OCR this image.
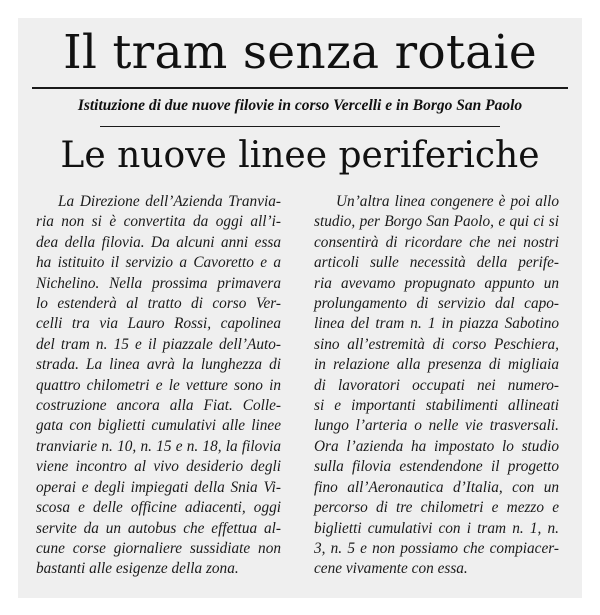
Il tram senza rotaie
Istituzione di due nuove filovie in corso Vercelli e in Borgo San Paolo
Le nuove linee periferiche

La Direzione dell’Azienda Tranvia-
ria non si è convertita da oggi all’i-
dea della filovia. Da alcuni anni essa
ha istituito il servizio a Cavoretto e a
Nichelino. Nella prossima primavera
lo estenderà al tratto di corso Ver-
celli tra via Lauro Rossi, capolinea
del tram n. 15 e il piazzale dell’Auto-
strada. La linea avrà la lunghezza di
quattro chilometri e le vetture sono in
costruzione ancora alla Fiat. Colle-
gata con biglietti cumulativi alle linee
tranviarie n. 10, n. 15 e n. 18, la filovia
viene incontro al vivo desiderio degli
operai e degli impiegati della Snia Vi-
scosa e delle officine adiacenti, oggi
servite da un autobus che effettua al-
cune corse giornaliere sussidiate non
bastanti alle esigenze della zona.

Un’altra linea congenere è poi allo
studio, per Borgo San Paolo, e qui ci si
consentirà di ricordare che nei nostri
articoli sulle necessità della perife-
ria avevamo propugnato appunto un
prolungamento di servizio dal capo-
linea del tram n. 1 in piazza Sabotino
sino all’estremità di corso Peschiera,
in relazione alla presenza di migliaia
di lavoratori occupati nei numero-
si e importanti stabilimenti allineati
lungo l’arteria o nelle vie trasversali.
Ora l’azienda ha impostato lo studio
sulla filovia estendendone il progetto
fino all’Aeronautica d’Italia, con un
percorso di tre chilometri e mezzo e
biglietti cumulativi con i tram n. 1, n.
3, n. 5 e non possiamo che compiacer-
cene vivamente con essa.
